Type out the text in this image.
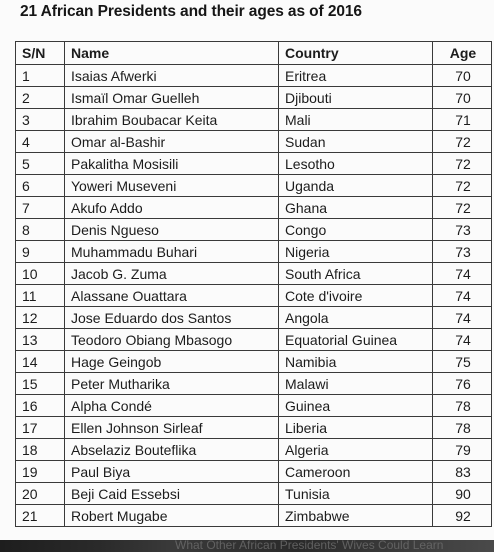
21 African Presidents and their ages as of 2016
S/N	Name	Country	Age
1	Isaias Afwerki	Eritrea	70
2	Ismaïl Omar Guelleh	Djibouti	70
3	Ibrahim Boubacar Keita	Mali	71
4	Omar al-Bashir	Sudan	72
5	Pakalitha Mosisili	Lesotho	72
6	Yoweri Museveni	Uganda	72
7	Akufo Addo	Ghana	72
8	Denis Ngueso	Congo	73
9	Muhammadu Buhari	Nigeria	73
10	Jacob G. Zuma	South Africa	74
11	Alassane Ouattara	Cote d'ivoire	74
12	Jose Eduardo dos Santos	Angola	74
13	Teodoro Obiang Mbasogo	Equatorial Guinea	74
14	Hage Geingob	Namibia	75
15	Peter Mutharika	Malawi	76
16	Alpha Condé	Guinea	78
17	Ellen Johnson Sirleaf	Liberia	78
18	Abselaziz Bouteflika	Algeria	79
19	Paul Biya	Cameroon	83
20	Beji Caid Essebsi	Tunisia	90
21	Robert Mugabe	Zimbabwe	92
What Other African Presidents' Wives Could Learn
